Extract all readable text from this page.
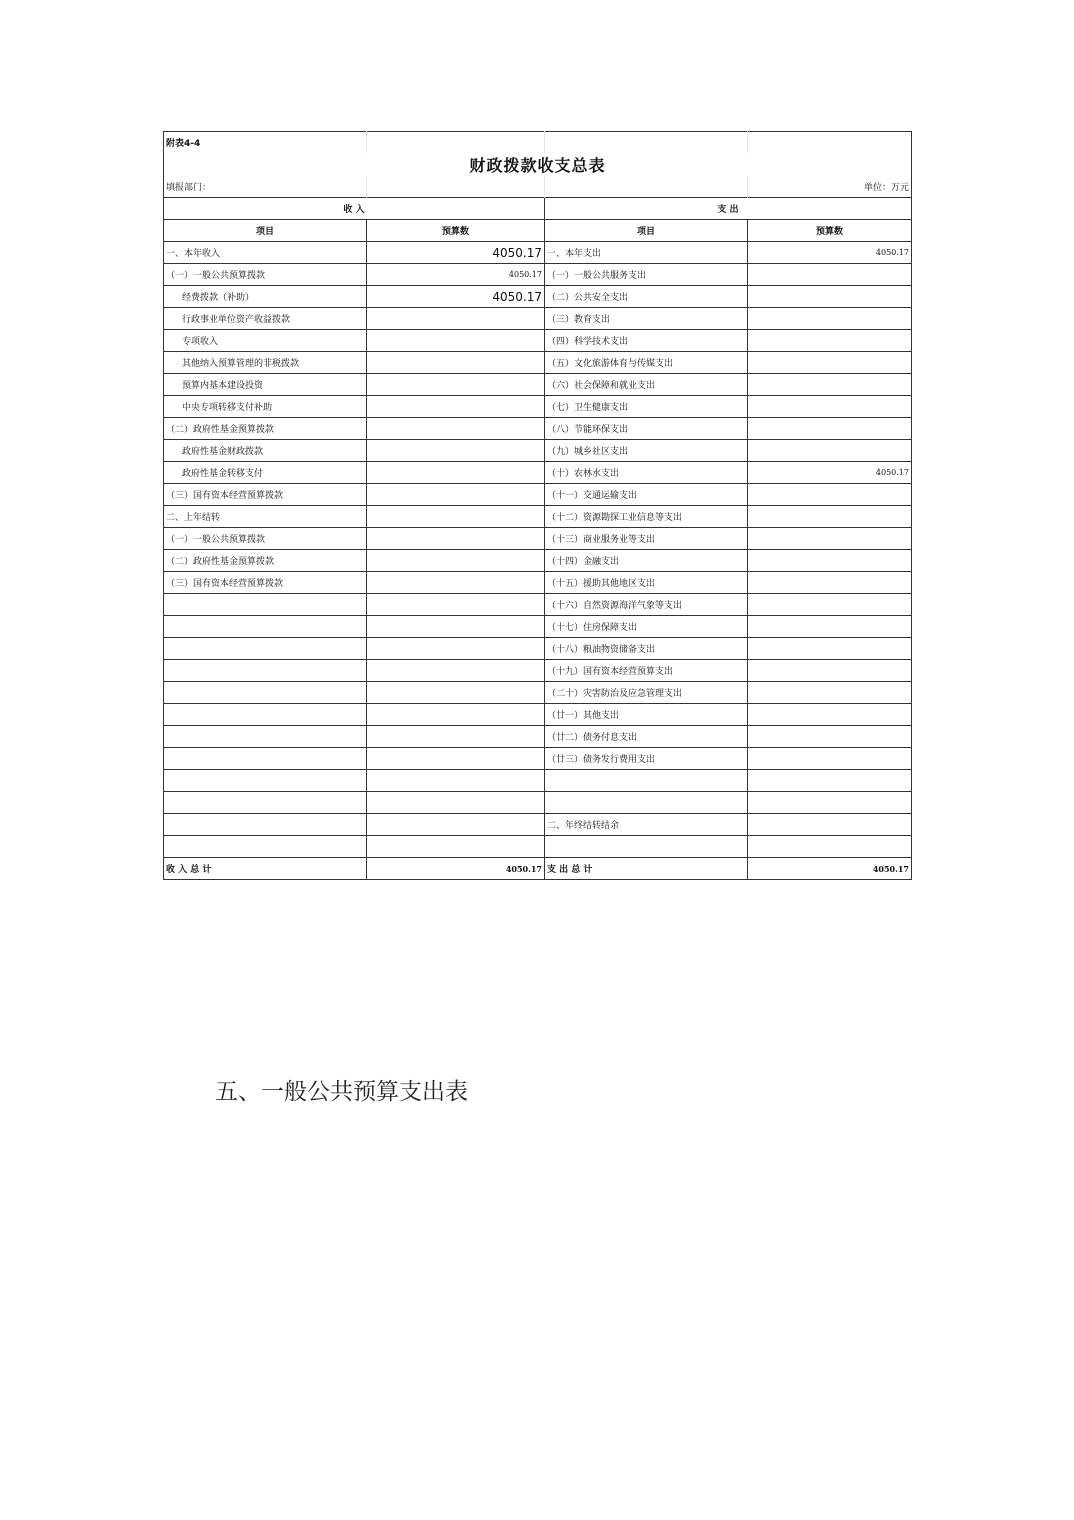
附表4-4			
财政拨款收支总表			
填报部门：			单位：万元
收 入		支 出	
项目	预算数	项目	预算数
一、本年收入	4050.17	一、本年支出	4050.17
（一）一般公共预算拨款	4050.17	（一）一般公共服务支出	
经费拨款（补助）	4050.17	（二）公共安全支出	
行政事业单位资产收益拨款		（三）教育支出	
专项收入		（四）科学技术支出	
其他纳入预算管理的非税拨款		（五）文化旅游体育与传媒支出	
预算内基本建设投资		（六）社会保障和就业支出	
中央专项转移支付补助		（七）卫生健康支出	
（二）政府性基金预算拨款		（八）节能环保支出	
政府性基金财政拨款		（九）城乡社区支出	
政府性基金转移支付		（十）农林水支出	4050.17
（三）国有资本经营预算拨款		（十一）交通运输支出	
二、上年结转		（十二）资源勘探工业信息等支出	
（一）一般公共预算拨款		（十三）商业服务业等支出	
（二）政府性基金预算拨款		（十四）金融支出	
（三）国有资本经营预算拨款		（十五）援助其他地区支出	
		（十六）自然资源海洋气象等支出	
		（十七）住房保障支出	
		（十八）粮油物资储备支出	
		（十九）国有资本经营预算支出	
		（二十）灾害防治及应急管理支出	
		（廿一）其他支出	
		（廿二）债务付息支出	
		（廿三）债务发行费用支出	

		二、年终结转结余	

收 入 总 计	4050.17	支 出 总 计	4050.17
五、一般公共预算支出表
